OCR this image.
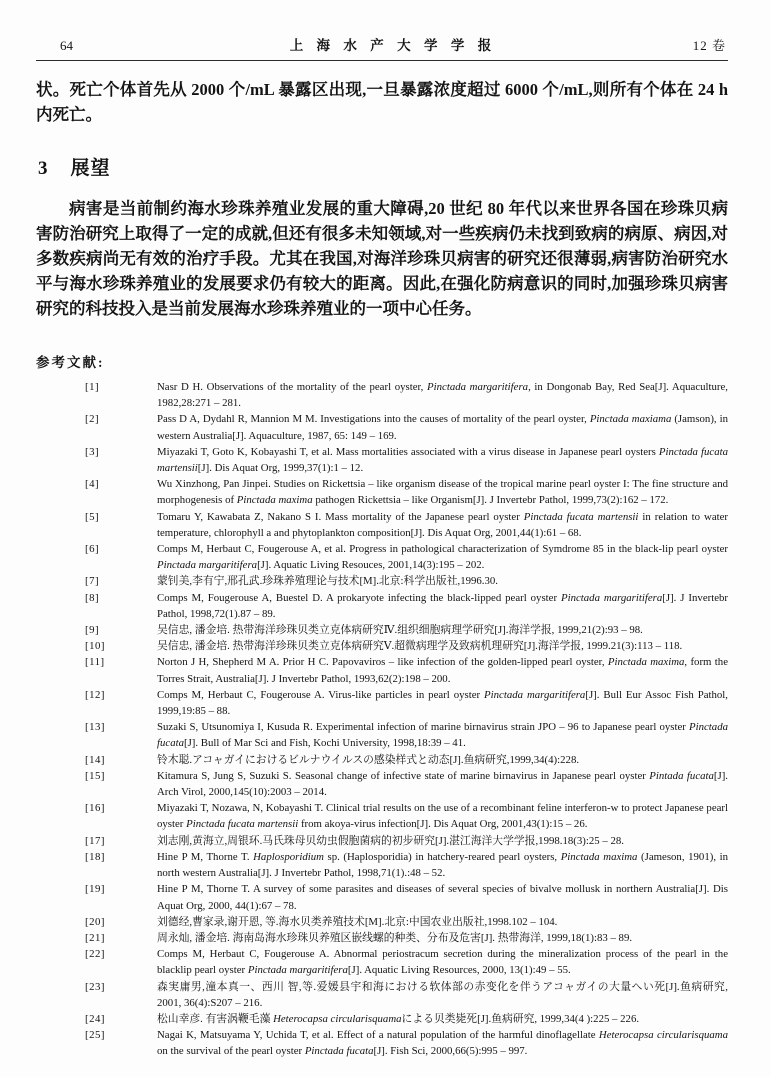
64	上 海 水 产 大 学 学 报	12 卷

状。死亡个体首先从 2000 个/mL 暴露区出现,一旦暴露浓度超过 6000 个/mL,则所有个体在 24 h 内死亡。

3 展望

病害是当前制约海水珍珠养殖业发展的重大障碍,20 世纪 80 年代以来世界各国在珍珠贝病害防治研究上取得了一定的成就,但还有很多未知领域,对一些疾病仍未找到致病的病原、病因,对多数疾病尚无有效的治疗手段。尤其在我国,对海洋珍珠贝病害的研究还很薄弱,病害防治研究水平与海水珍珠养殖业的发展要求仍有较大的距离。因此,在强化防病意识的同时,加强珍珠贝病害研究的科技投入是当前发展海水珍珠养殖业的一项中心任务。

参考文献:
[1]	Nasr D H. Observations of the mortality of the pearl oyster, Pinctada margaritifera, in Dongonab Bay, Red Sea[J]. Aquaculture, 1982,28:271 – 281.
[2]	Pass D A, Dydahl R, Mannion M M. Investigations into the causes of mortality of the pearl oyster, Pinctada maxiama (Jamson), in western Australia[J]. Aquaculture, 1987, 65: 149 – 169.
[3]	Miyazaki T, Goto K, Kobayashi T, et al. Mass mortalities associated with a virus disease in Japanese pearl oysters Pinctada fucata martensii[J]. Dis Aquat Org, 1999,37(1):1 – 12.
[4]	Wu Xinzhong, Pan Jinpei. Studies on Rickettsia – like organism disease of the tropical marine pearl oyster I: The fine structure and morphogenesis of Pinctada maxima pathogen Rickettsia – like Organism[J]. J Invertebr Pathol, 1999,73(2):162 – 172.
[5]	Tomaru Y, Kawabata Z, Nakano S I. Mass mortality of the Japanese pearl oyster Pinctada fucata martensii in relation to water temperature, chlorophyll a and phytoplankton composition[J]. Dis Aquat Org, 2001,44(1):61 – 68.
[6]	Comps M, Herbaut C, Fougerouse A, et al. Progress in pathological characterization of Symdrome 85 in the black-lip pearl oyster Pinctada margaritifera[J]. Aquatic Living Resouces, 2001,14(3):195 – 202.
[7]	蒙钊美,李有宁,邢孔武.珍珠养殖理论与技术[M].北京:科学出版社,1996.30.
[8]	Comps M, Fougerouse A, Buestel D. A prokaryote infecting the black-lipped pearl oyster Pinctada margaritifera[J]. J Invertebr Pathol, 1998,72(1).87 – 89.
[9]	吴信忠, 潘金培. 热带海洋珍珠贝类立克体病研究Ⅳ.组织细胞病理学研究[J].海洋学报, 1999,21(2):93 – 98.
[10]	吴信忠, 潘金培. 热带海洋珍珠贝类立克体病研究Ⅴ.超微病理学及致病机理研究[J].海洋学报, 1999.21(3):113 – 118.
[11]	Norton J H, Shepherd M A. Prior H C. Papovaviros – like infection of the golden-lipped pearl oyster, Pinctada maxima, form the Torres Strait, Australia[J]. J Invertebr Pathol, 1993,62(2):198 – 200.
[12]	Comps M, Herbaut C, Fougerouse A. Virus-like particles in pearl oyster Pinctada margaritifera[J]. Bull Eur Assoc Fish Pathol, 1999,19:85 – 88.
[13]	Suzaki S, Utsunomiya I, Kusuda R. Experimental infection of marine birnavirus strain JPO – 96 to Japanese pearl oyster Pinctada fucata[J]. Bull of Mar Sci and Fish, Kochi University, 1998,18:39 – 41.
[14]	铃木聪.アコャガイにおけるビルナウイルスの感染样式と动态[J].鱼病研究,1999,34(4):228.
[15]	Kitamura S, Jung S, Suzuki S. Seasonal change of infective state of marine birnavirus in Japanese pearl oyster Pintada fucata[J]. Arch Virol, 2000,145(10):2003 – 2014.
[16]	Miyazaki T, Nozawa, N, Kobayashi T. Clinical trial results on the use of a recombinant feline interferon-w to protect Japanese pearl oyster Pinctada fucata martensii from akoya-virus infection[J]. Dis Aquat Org, 2001,43(1):15 – 26.
[17]	刘志刚,黄海立,周银环.马氏珠母贝幼虫假胞菌病的初步研究[J].湛江海洋大学学报,1998.18(3):25 – 28.
[18]	Hine P M, Thorne T. Haplosporidium sp. (Haplosporidia) in hatchery-reared pearl oysters, Pinctada maxima (Jameson, 1901), in north western Australia[J]. J Invertebr Pathol, 1998,71(1).:48 – 52.
[19]	Hine P M, Thorne T. A survey of some parasites and diseases of several species of bivalve mollusk in northern Australia[J]. Dis Aquat Org, 2000, 44(1):67 – 78.
[20]	刘德经,曹家录,谢开恩, 等.海水贝类养殖技术[M].北京:中国农业出版社,1998.102 – 104.
[21]	周永灿, 潘金培. 海南岛海水珍珠贝养殖区嵌线螺的种类、分布及危害[J]. 热带海洋, 1999,18(1):83 – 89.
[22]	Comps M, Herbaut C, Fougerouse A. Abnormal periostracum secretion during the mineralization process of the pearl in the blacklip pearl oyster Pinctada margaritifera[J]. Aquatic Living Resources, 2000, 13(1):49 – 55.
[23]	森実庸男,潼本真一、西川 智,等.爱媛县宇和海における软体部の赤变化を伴うアコャガイの大量へい死[J].鱼病研究, 2001, 36(4):S207 – 216.
[24]	松山幸彦. 有害涡鞭毛藻 Heterocapsa circularisquamaによる贝类毙死[J].鱼病研究, 1999,34(4 ):225 – 226.
[25]	Nagai K, Matsuyama Y, Uchida T, et al. Effect of a natural population of the harmful dinoflagellate Heterocapsa circularisquama on the survival of the pearl oyster Pinctada fucata[J]. Fish Sci, 2000,66(5):995 – 997.
